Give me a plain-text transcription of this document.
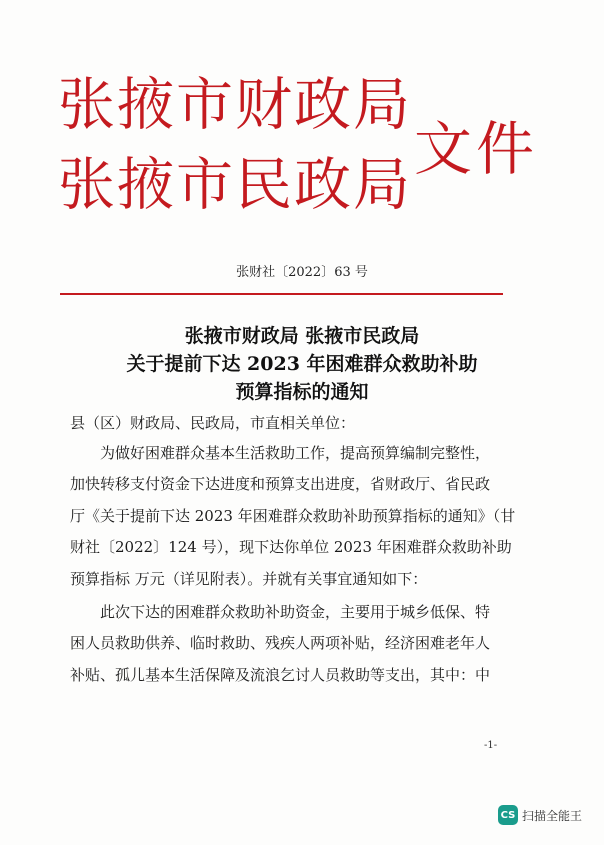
张掖市财政局
张掖市民政局
文件
张财社〔2022〕63 号
张掖市财政局 张掖市民政局
关于提前下达 2023 年困难群众救助补助
预算指标的通知
县（区）财政局、民政局，市直相关单位：
为做好困难群众基本生活救助工作，提高预算编制完整性，
加快转移支付资金下达进度和预算支出进度，省财政厅、省民政
厅《关于提前下达 2023 年困难群众救助补助预算指标的通知》（甘
财社〔2022〕124 号），现下达你单位 2023 年困难群众救助补助
预算指标 万元（详见附表）。并就有关事宜通知如下：
此次下达的困难群众救助补助资金，主要用于城乡低保、特
困人员救助供养、临时救助、残疾人两项补贴，经济困难老年人
补贴、孤儿基本生活保障及流浪乞讨人员救助等支出，其中：中
-1-
CS 扫描全能王
